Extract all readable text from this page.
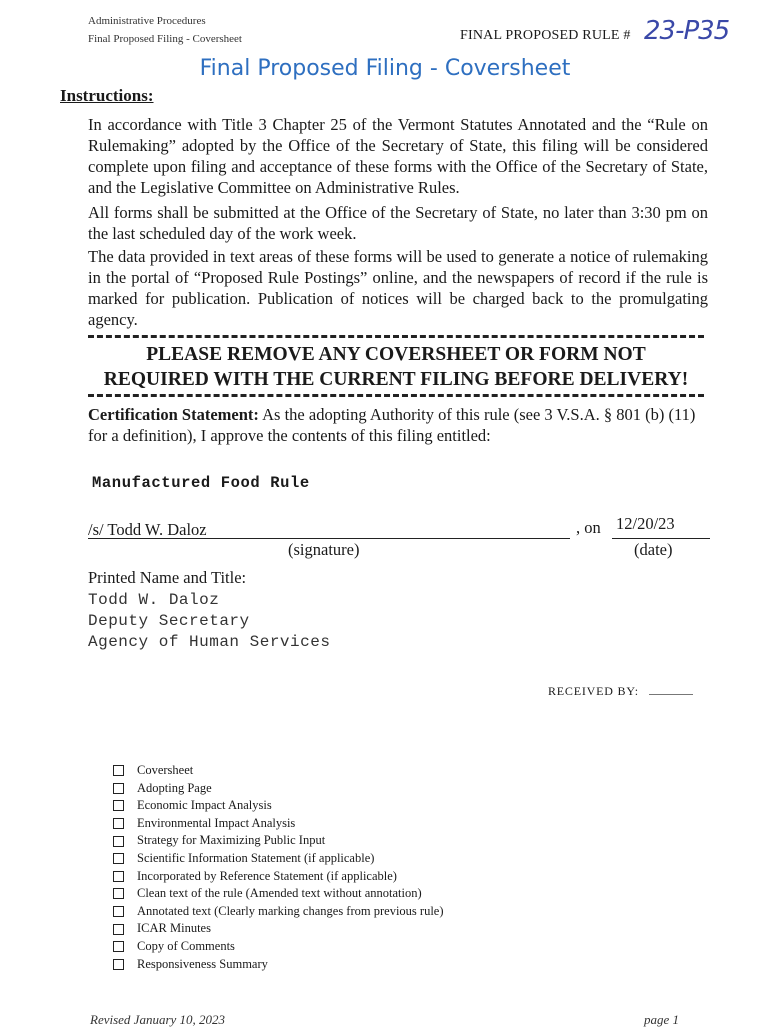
Administrative Procedures
Final Proposed Filing - Coversheet	FINAL PROPOSED RULE # 23-P35
Final Proposed Filing - Coversheet
Instructions:
In accordance with Title 3 Chapter 25 of the Vermont Statutes Annotated and the “Rule on Rulemaking” adopted by the Office of the Secretary of State, this filing will be considered complete upon filing and acceptance of these forms with the Office of the Secretary of State, and the Legislative Committee on Administrative Rules.
All forms shall be submitted at the Office of the Secretary of State, no later than 3:30 pm on the last scheduled day of the work week.
The data provided in text areas of these forms will be used to generate a notice of rulemaking in the portal of “Proposed Rule Postings” online, and the newspapers of record if the rule is marked for publication. Publication of notices will be charged back to the promulgating agency.
PLEASE REMOVE ANY COVERSHEET OR FORM NOT
REQUIRED WITH THE CURRENT FILING BEFORE DELIVERY!
Certification Statement: As the adopting Authority of this rule (see 3 V.S.A. § 801 (b) (11) for a definition), I approve the contents of this filing entitled:
Manufactured Food Rule
/s/ Todd W. Daloz	, on 12/20/23
(signature)	(date)
Printed Name and Title:
Todd W. Daloz
Deputy Secretary
Agency of Human Services
RECEIVED BY:
Coversheet
Adopting Page
Economic Impact Analysis
Environmental Impact Analysis
Strategy for Maximizing Public Input
Scientific Information Statement (if applicable)
Incorporated by Reference Statement (if applicable)
Clean text of the rule (Amended text without annotation)
Annotated text (Clearly marking changes from previous rule)
ICAR Minutes
Copy of Comments
Responsiveness Summary
Revised January 10, 2023	page 1
